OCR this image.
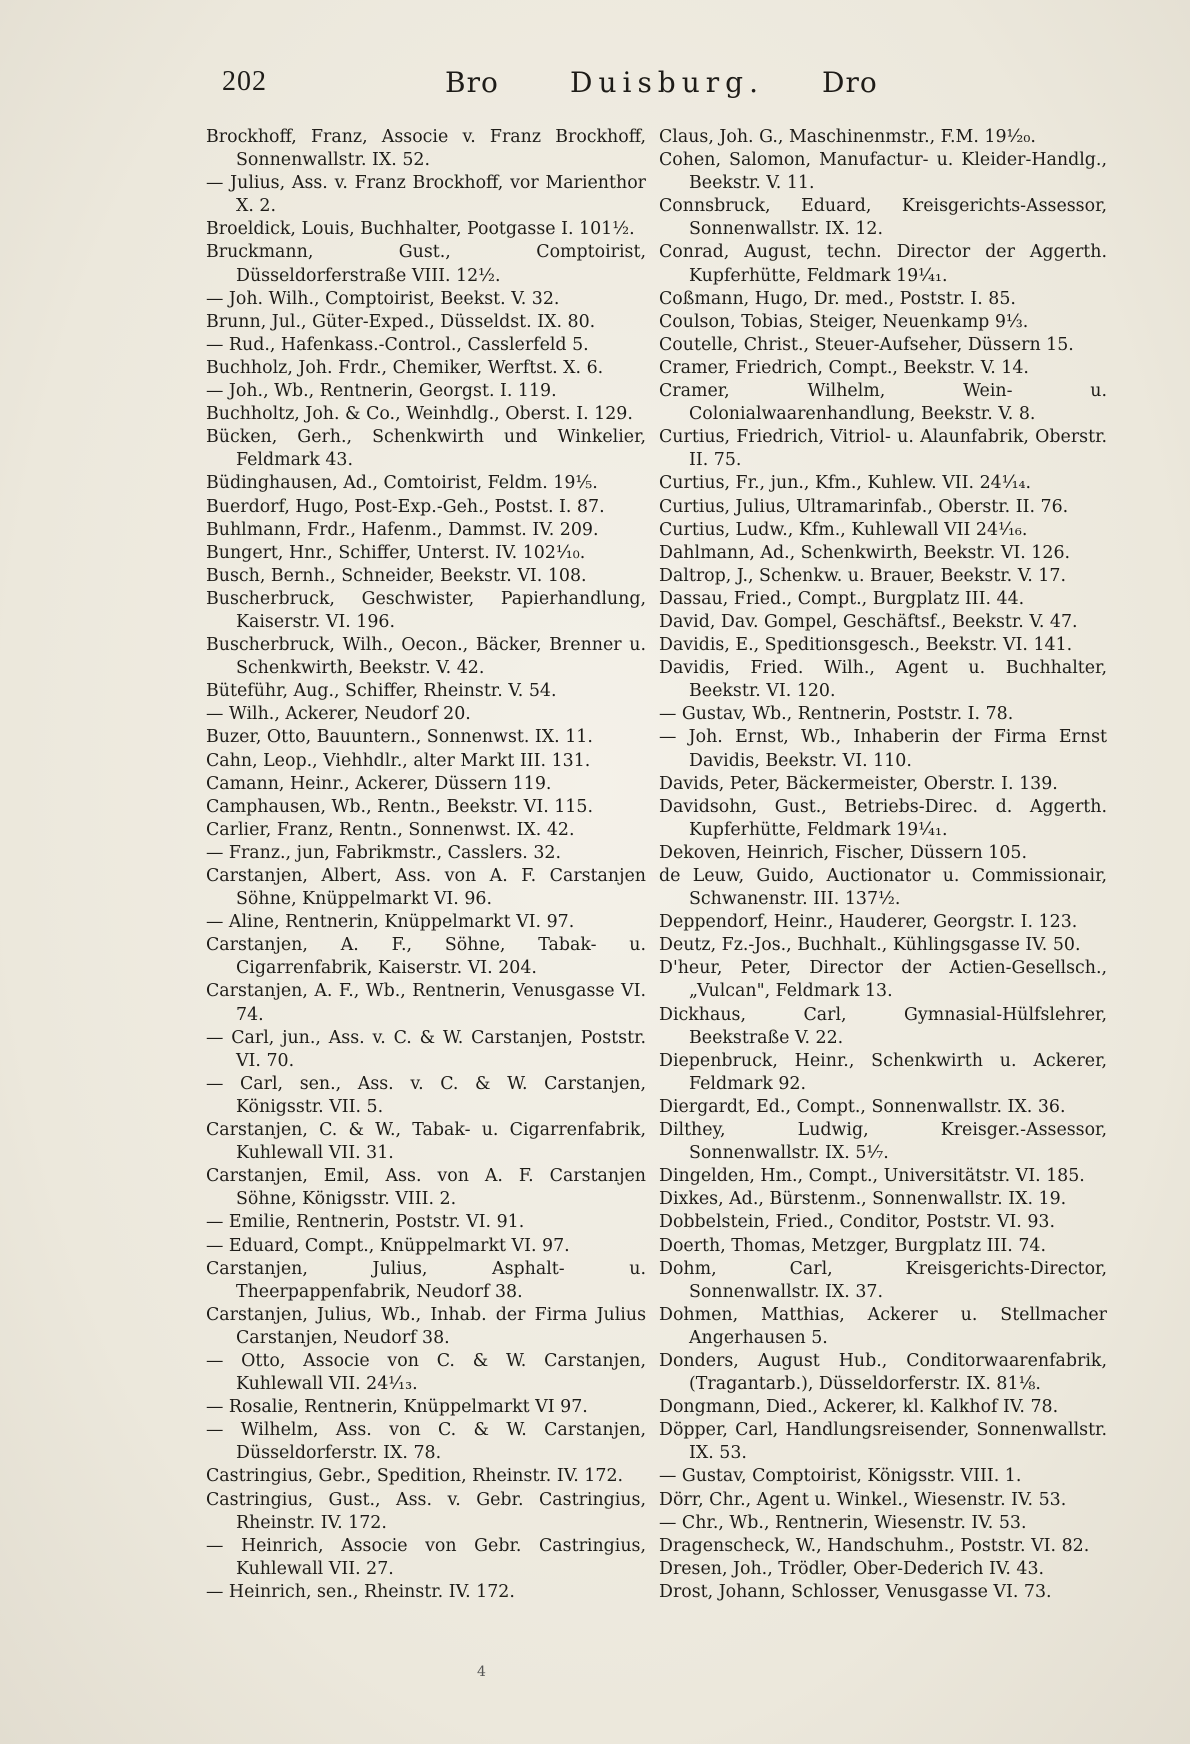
202	Bro	Duisburg. Dro
Brockhoff, Franz, Associe v. Franz Brockhoff, Sonnenwallstr. IX. 52.
— Julius, Ass. v. Franz Brockhoff, vor Marienthor X. 2.
Broeldick, Louis, Buchhalter, Pootgasse I. 101½.
Bruckmann, Gust., Comptoirist, Düsseldorferstraße VIII. 12½.
— Joh. Wilh., Comptoirist, Beekst. V. 32.
Brunn, Jul., Güter-Exped., Düsseldst. IX. 80.
— Rud., Hafenkass.-Control., Casslerfeld 5.
Buchholz, Joh. Frdr., Chemiker, Werftst. X. 6.
— Joh., Wb., Rentnerin, Georgst. I. 119.
Buchholtz, Joh. & Co., Weinhdlg., Oberst. I. 129.
Bücken, Gerh., Schenkwirth und Winkelier, Feldmark 43.
Büdinghausen, Ad., Comtoirist, Feldm. 19⅕.
Buerdorf, Hugo, Post-Exp.-Geh., Postst. I. 87.
Buhlmann, Frdr., Hafenm., Dammst. IV. 209.
Bungert, Hnr., Schiffer, Unterst. IV. 102⅒.
Busch, Bernh., Schneider, Beekstr. VI. 108.
Buscherbruck, Geschwister, Papierhandlung, Kaiserstr. VI. 196.
Buscherbruck, Wilh., Oecon., Bäcker, Brenner u. Schenkwirth, Beekstr. V. 42.
Büteführ, Aug., Schiffer, Rheinstr. V. 54.
— Wilh., Ackerer, Neudorf 20.
Buzer, Otto, Bauuntern., Sonnenwst. IX. 11.
Cahn, Leop., Viehhdlr., alter Markt III. 131.
Camann, Heinr., Ackerer, Düssern 119.
Camphausen, Wb., Rentn., Beekstr. VI. 115.
Carlier, Franz, Rentn., Sonnenwst. IX. 42.
— Franz., jun, Fabrikmstr., Casslers. 32.
Carstanjen, Albert, Ass. von A. F. Carstanjen Söhne, Knüppelmarkt VI. 96.
— Aline, Rentnerin, Knüppelmarkt VI. 97.
Carstanjen, A. F., Söhne, Tabak- u. Cigarrenfabrik, Kaiserstr. VI. 204.
Carstanjen, A. F., Wb., Rentnerin, Venusgasse VI. 74.
— Carl, jun., Ass. v. C. & W. Carstanjen, Poststr. VI. 70.
— Carl, sen., Ass. v. C. & W. Carstanjen, Königsstr. VII. 5.
Carstanjen, C. & W., Tabak- u. Cigarrenfabrik, Kuhlewall VII. 31.
Carstanjen, Emil, Ass. von A. F. Carstanjen Söhne, Königsstr. VIII. 2.
— Emilie, Rentnerin, Poststr. VI. 91.
— Eduard, Compt., Knüppelmarkt VI. 97.
Carstanjen, Julius, Asphalt- u. Theerpappenfabrik, Neudorf 38.
Carstanjen, Julius, Wb., Inhab. der Firma Julius Carstanjen, Neudorf 38.
— Otto, Associe von C. & W. Carstanjen, Kuhlewall VII. 24¹⁄₁₃.
— Rosalie, Rentnerin, Knüppelmarkt VI 97.
— Wilhelm, Ass. von C. & W. Carstanjen, Düsseldorferstr. IX. 78.
Castringius, Gebr., Spedition, Rheinstr. IV. 172.
Castringius, Gust., Ass. v. Gebr. Castringius, Rheinstr. IV. 172.
— Heinrich, Associe von Gebr. Castringius, Kuhlewall VII. 27.
— Heinrich, sen., Rheinstr. IV. 172.
Claus, Joh. G., Maschinenmstr., F.M. 19¹⁄₂₀.
Cohen, Salomon, Manufactur- u. Kleider-Handlg., Beekstr. V. 11.
Connsbruck, Eduard, Kreisgerichts-Assessor, Sonnenwallstr. IX. 12.
Conrad, August, techn. Director der Aggerth. Kupferhütte, Feldmark 19¹⁄₄₁.
Coßmann, Hugo, Dr. med., Poststr. I. 85.
Coulson, Tobias, Steiger, Neuenkamp 9⅓.
Coutelle, Christ., Steuer-Aufseher, Düssern 15.
Cramer, Friedrich, Compt., Beekstr. V. 14.
Cramer, Wilhelm, Wein- u. Colonialwaarenhandlung, Beekstr. V. 8.
Curtius, Friedrich, Vitriol- u. Alaunfabrik, Oberstr. II. 75.
Curtius, Fr., jun., Kfm., Kuhlew. VII. 24¹⁄₁₄.
Curtius, Julius, Ultramarinfab., Oberstr. II. 76.
Curtius, Ludw., Kfm., Kuhlewall VII 24¹⁄₁₆.
Dahlmann, Ad., Schenkwirth, Beekstr. VI. 126.
Daltrop, J., Schenkw. u. Brauer, Beekstr. V. 17.
Dassau, Fried., Compt., Burgplatz III. 44.
David, Dav. Gompel, Geschäftsf., Beekstr. V. 47.
Davidis, E., Speditionsgesch., Beekstr. VI. 141.
Davidis, Fried. Wilh., Agent u. Buchhalter, Beekstr. VI. 120.
— Gustav, Wb., Rentnerin, Poststr. I. 78.
— Joh. Ernst, Wb., Inhaberin der Firma Ernst Davidis, Beekstr. VI. 110.
Davids, Peter, Bäckermeister, Oberstr. I. 139.
Davidsohn, Gust., Betriebs-Direc. d. Aggerth. Kupferhütte, Feldmark 19¹⁄₄₁.
Dekoven, Heinrich, Fischer, Düssern 105.
de Leuw, Guido, Auctionator u. Commissionair, Schwanenstr. III. 137½.
Deppendorf, Heinr., Hauderer, Georgstr. I. 123.
Deutz, Fz.-Jos., Buchhalt., Kühlingsgasse IV. 50.
D'heur, Peter, Director der Actien-Gesellsch., „Vulcan", Feldmark 13.
Dickhaus, Carl, Gymnasial-Hülfslehrer, Beekstraße V. 22.
Diepenbruck, Heinr., Schenkwirth u. Ackerer, Feldmark 92.
Diergardt, Ed., Compt., Sonnenwallstr. IX. 36.
Dilthey, Ludwig, Kreisger.-Assessor, Sonnenwallstr. IX. 5¹⁄₇.
Dingelden, Hm., Compt., Universitätstr. VI. 185.
Dixkes, Ad., Bürstenm., Sonnenwallstr. IX. 19.
Dobbelstein, Fried., Conditor, Poststr. VI. 93.
Doerth, Thomas, Metzger, Burgplatz III. 74.
Dohm, Carl, Kreisgerichts-Director, Sonnenwallstr. IX. 37.
Dohmen, Matthias, Ackerer u. Stellmacher Angerhausen 5.
Donders, August Hub., Conditorwaarenfabrik, (Tragantarb.), Düsseldorferstr. IX. 81⅛.
Dongmann, Died., Ackerer, kl. Kalkhof IV. 78.
Döpper, Carl, Handlungsreisender, Sonnenwallstr. IX. 53.
— Gustav, Comptoirist, Königsstr. VIII. 1.
Dörr, Chr., Agent u. Winkel., Wiesenstr. IV. 53.
— Chr., Wb., Rentnerin, Wiesenstr. IV. 53.
Dragenscheck, W., Handschuhm., Poststr. VI. 82.
Dresen, Joh., Trödler, Ober-Dederich IV. 43.
Drost, Johann, Schlosser, Venusgasse VI. 73.
4
